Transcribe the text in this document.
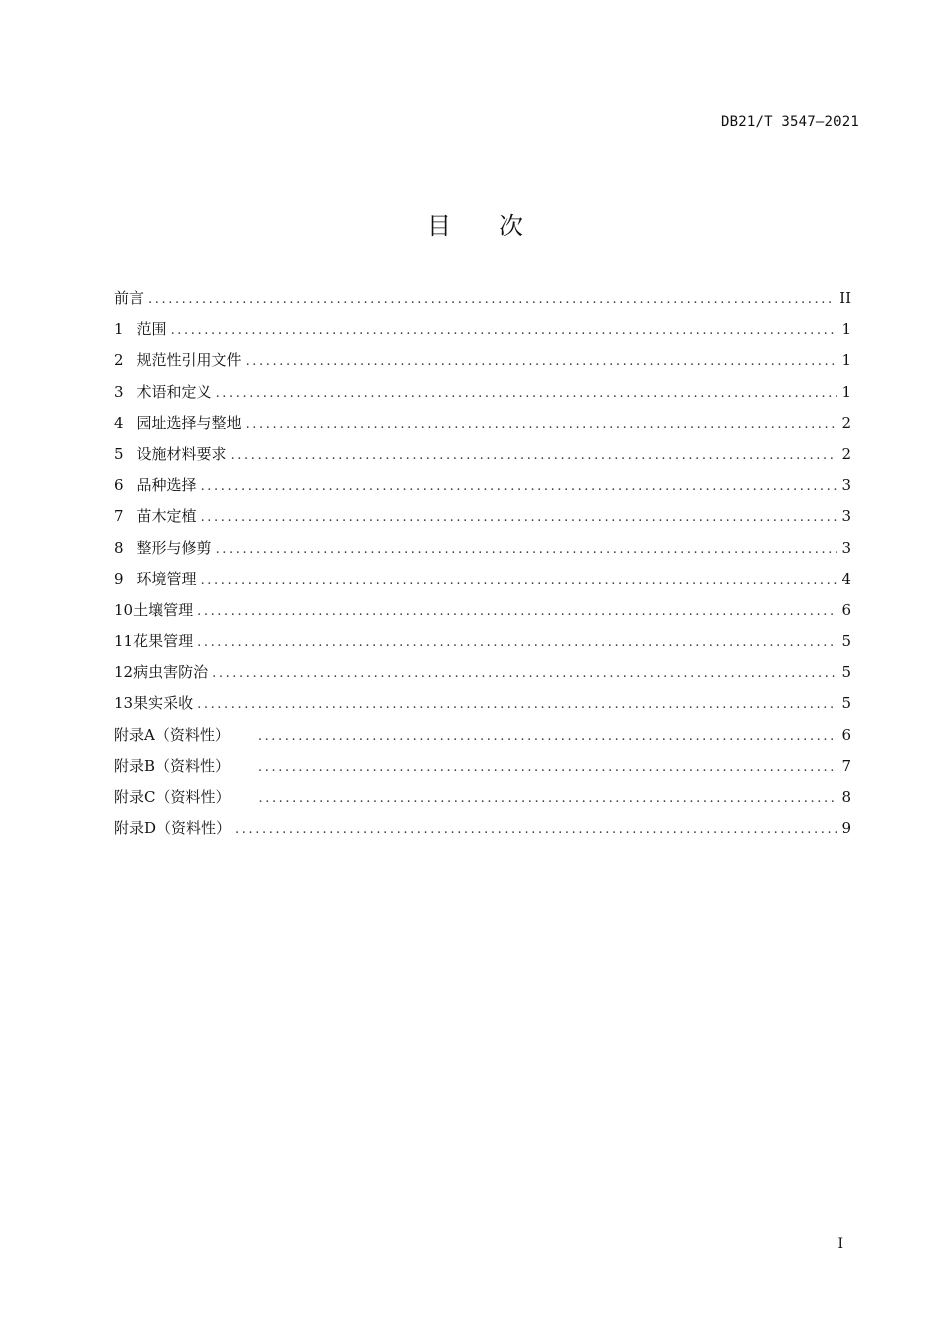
DB21/T 3547—2021
目 次
前言 .....	II
1 范围 .....	1
2 规范性引用文件 .....	1
3 术语和定义 .....	1
4 园址选择与整地 .....	2
5 设施材料要求 .....	2
6 品种选择 .....	3
7 苗木定植 .....	3
8 整形与修剪 .....	3
9 环境管理 .....	4
10 土壤管理 .....	6
11 花果管理 .....	5
12 病虫害防治 .....	5
13 果实采收 .....	5
附录A（资料性） .....	6
附录B（资料性） .....	7
附录C（资料性） .....	8
附录D（资料性） .....	9
I
